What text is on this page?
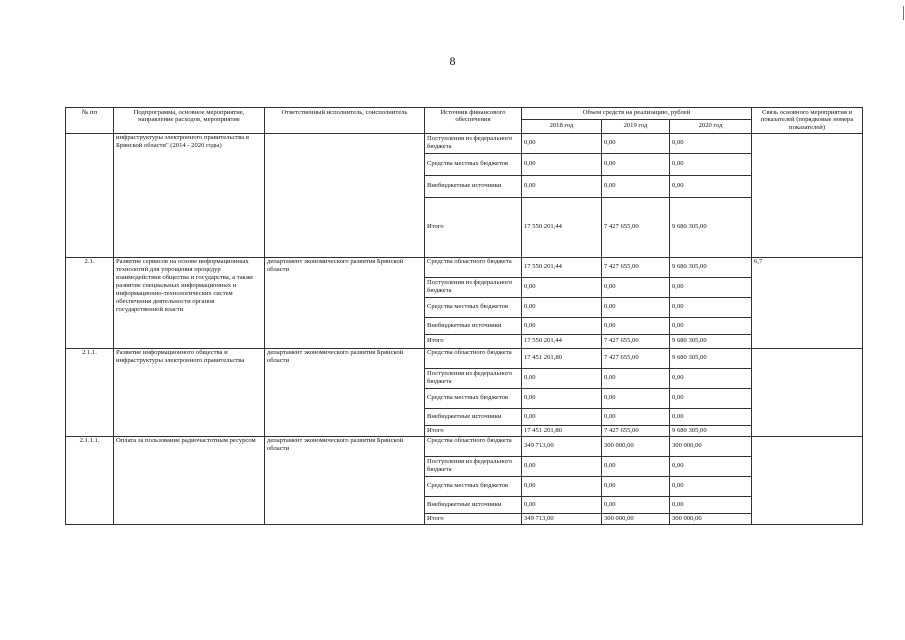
8
№ пп	Подпрограмма, основное мероприятие, направление расходов, мероприятие	Ответственный исполнитель, соисполнитель	Источник финансового обеспечения	Объем средств на реализацию, рублей			Связь основного мероприятия и показателей (порядковые номера показателей)
				2018 год	2019 год	2020 год	
	инфраструктуры электронного правительства в Брянской области" (2014 - 2020 годы)		Поступления из федерального бюджета	0,00	0,00	0,00	
			Средства местных бюджетов	0,00	0,00	0,00	
			Внебюджетные источники	0,00	0,00	0,00	
			Итого	17 550 201,44	7 427 655,00	9 680 305,00	
2.1.	Развитие сервисов на основе информационных технологий для упрощения процедур взаимодействия общества и государства, а также развитие специальных информационных и информационно-технологических систем обеспечения деятельности органов государственной власти	департамент экономического развития Брянской области	Средства областного бюджета	17 550 201,44	7 427 655,00	9 680 305,00	6,7
			Поступления из федерального бюджета	0,00	0,00	0,00	
			Средства местных бюджетов	0,00	0,00	0,00	
			Внебюджетные источники	0,00	0,00	0,00	
			Итого	17 550 201,44	7 427 655,00	9 680 305,00	
2.1.1.	Развитие информационного общества и инфраструктуры электронного правительства	департамент экономического развития Брянской области	Средства областного бюджета	17 451 201,80	7 427 655,00	9 680 305,00	
			Поступления из федерального бюджета	0,00	0,00	0,00	
			Средства местных бюджетов	0,00	0,00	0,00	
			Внебюджетные источники	0,00	0,00	0,00	
			Итого	17 451 201,80	7 427 655,00	9 680 305,00	
2.1.1.1.	Оплата за пользование радиочастотным ресурсом	департамент экономического развития Брянской области	Средства областного бюджета	349 713,00	300 000,00	300 000,00	
			Поступления из федерального бюджета	0,00	0,00	0,00	
			Средства местных бюджетов	0,00	0,00	0,00	
			Внебюджетные источники	0,00	0,00	0,00	
			Итого	349 713,00	300 000,00	300 000,00	
